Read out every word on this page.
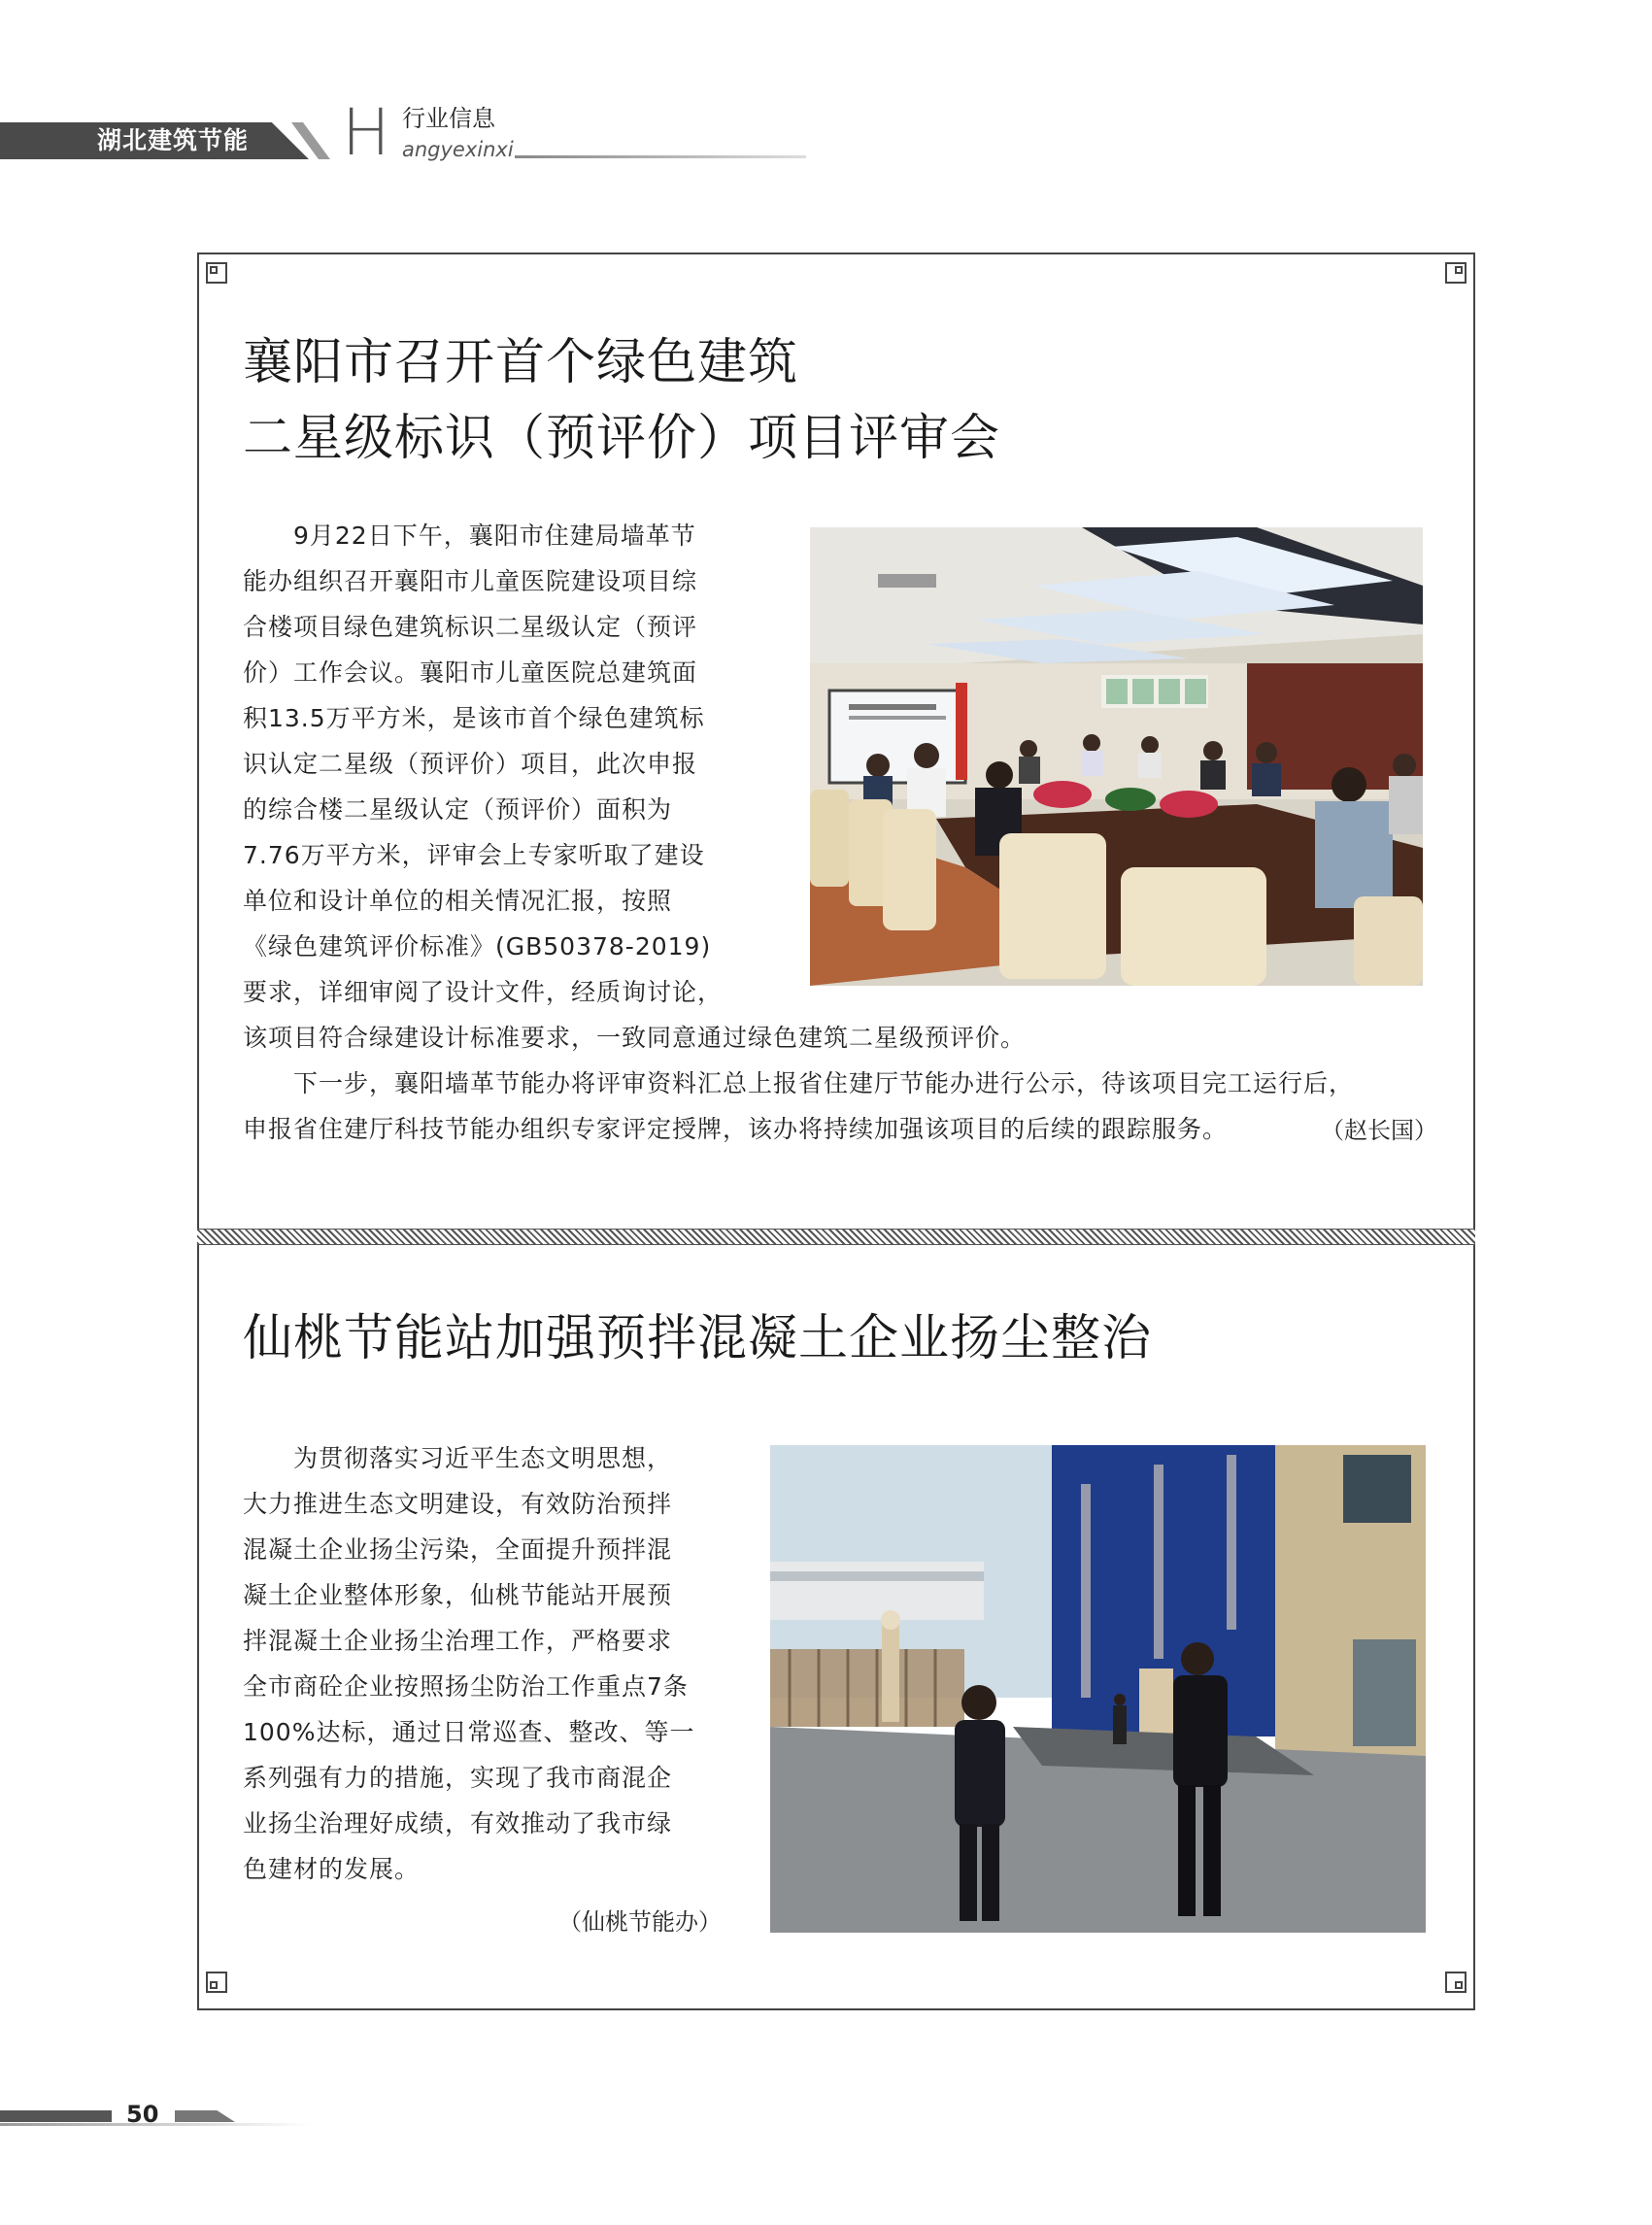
湖北建筑节能 H 行业信息
angyexinxi
襄阳市召开首个绿色建筑
二星级标识（预评价）项目评审会
　　9月22日下午，襄阳市住建局墙革节
能办组织召开襄阳市儿童医院建设项目综
合楼项目绿色建筑标识二星级认定（预评
价）工作会议。襄阳市儿童医院总建筑面
积13.5万平方米，是该市首个绿色建筑标
识认定二星级（预评价）项目，此次申报
的综合楼二星级认定（预评价）面积为
7.76万平方米，评审会上专家听取了建设
单位和设计单位的相关情况汇报，按照
《绿色建筑评价标准》(GB50378-2019)
要求，详细审阅了设计文件，经质询讨论，
该项目符合绿建设计标准要求，一致同意通过绿色建筑二星级预评价。
　　下一步，襄阳墙革节能办将评审资料汇总上报省住建厅节能办进行公示，待该项目完工运行后，
申报省住建厅科技节能办组织专家评定授牌，该办将持续加强该项目的后续的跟踪服务。	（赵长国）
仙桃节能站加强预拌混凝土企业扬尘整治
　　为贯彻落实习近平生态文明思想，
大力推进生态文明建设，有效防治预拌
混凝土企业扬尘污染，全面提升预拌混
凝土企业整体形象，仙桃节能站开展预
拌混凝土企业扬尘治理工作，严格要求
全市商砼企业按照扬尘防治工作重点7条
100%达标，通过日常巡查、整改、等一
系列强有力的措施，实现了我市商混企
业扬尘治理好成绩，有效推动了我市绿
色建材的发展。
（仙桃节能办）
50
